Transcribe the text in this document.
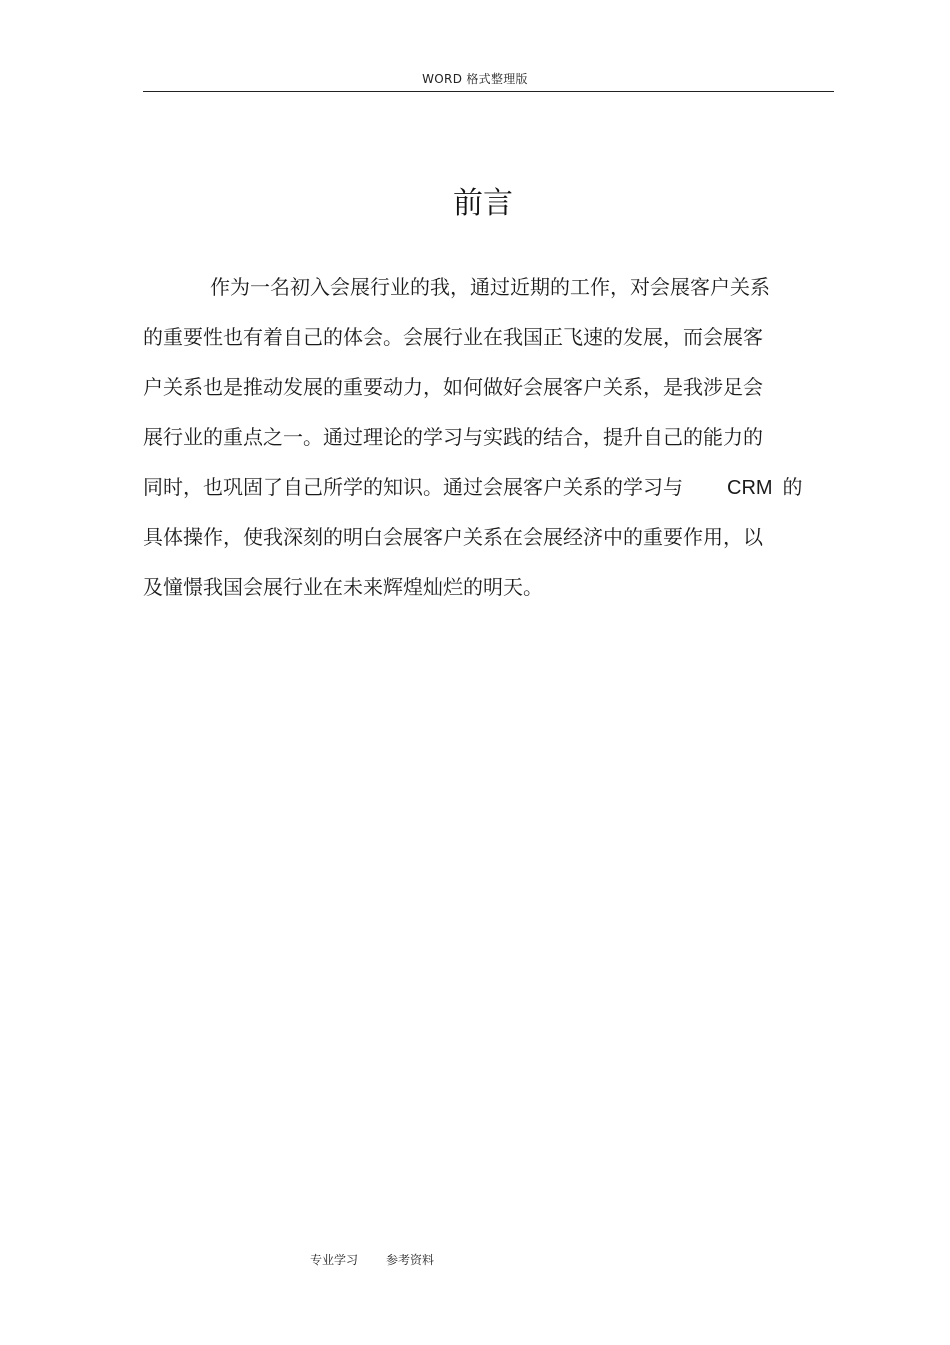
WORD 格式整理版
前言
作为一名初入会展行业的我，通过近期的工作，对会展客户关系
的重要性也有着自己的体会。会展行业在我国正飞速的发展，而会展客
户关系也是推动发展的重要动力，如何做好会展客户关系，是我涉足会
展行业的重点之一。通过理论的学习与实践的结合，提升自己的能力的
同时，也巩固了自己所学的知识。通过会展客户关系的学习与 CRM 的
具体操作，使我深刻的明白会展客户关系在会展经济中的重要作用，以
及憧憬我国会展行业在未来辉煌灿烂的明天。
专业学习 参考资料
